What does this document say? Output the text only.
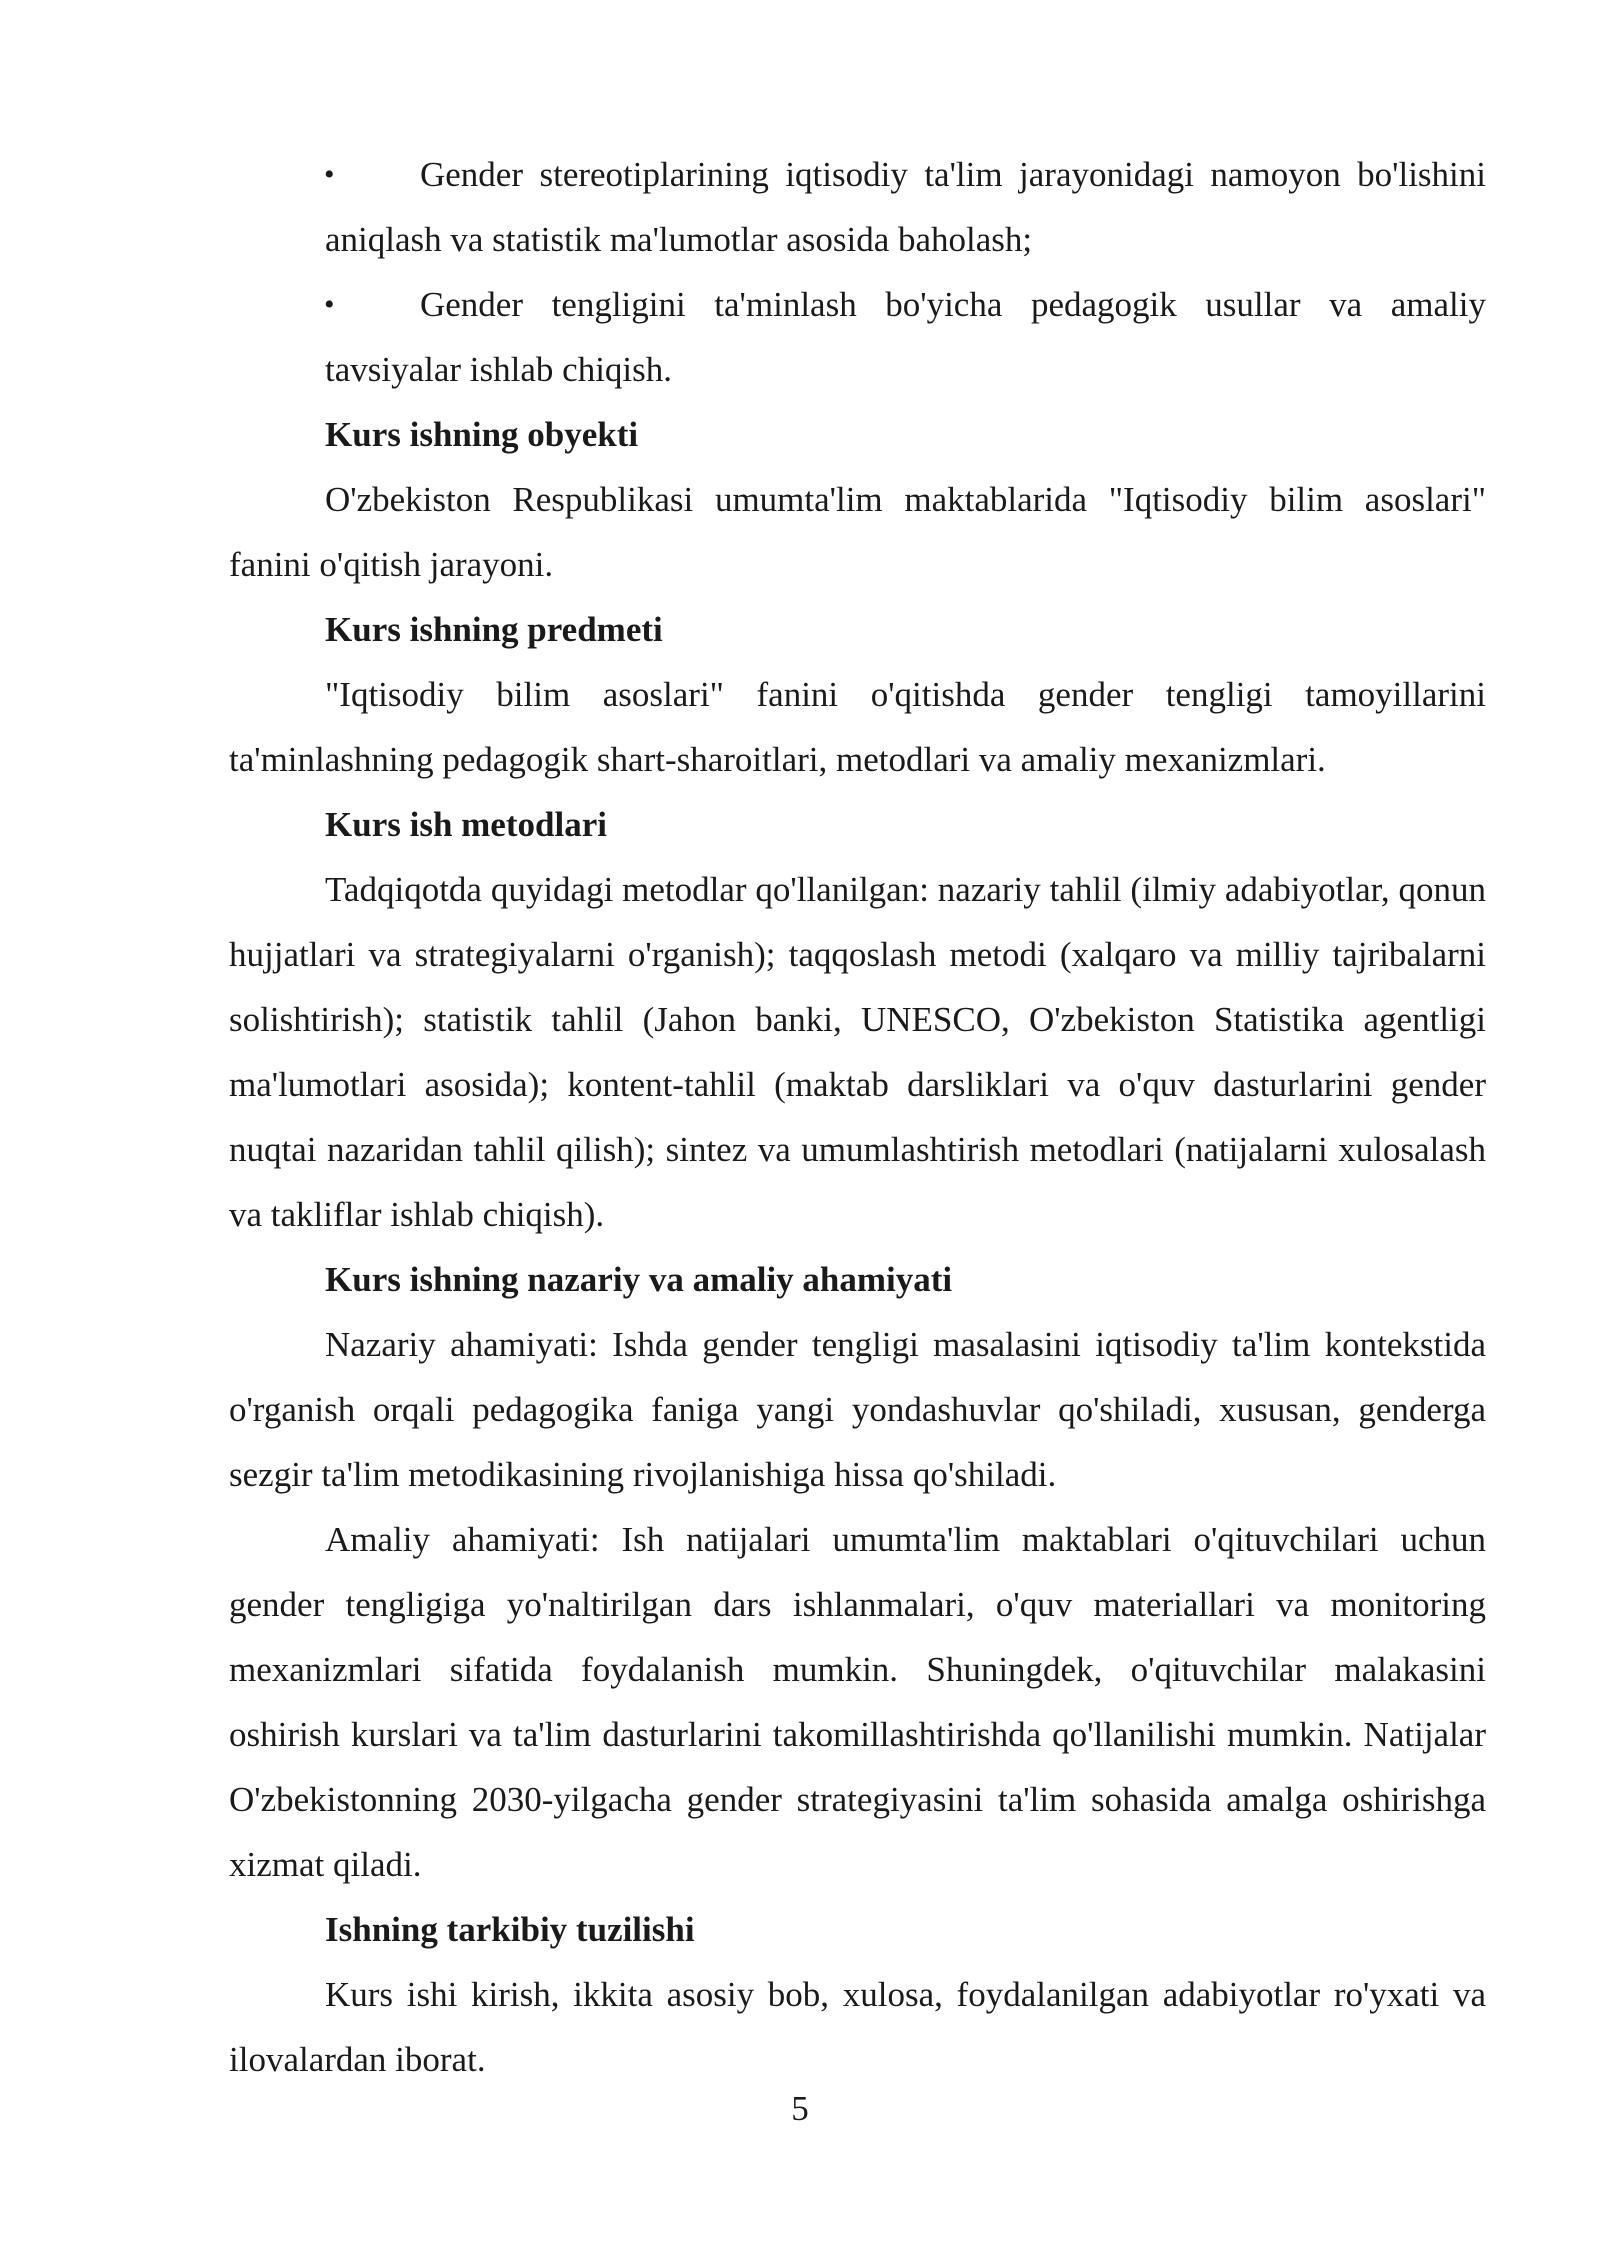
• Gender stereotiplarining iqtisodiy ta'lim jarayonidagi namoyon bo'lishini aniqlash va statistik ma'lumotlar asosida baholash;
• Gender tengligini ta'minlash bo'yicha pedagogik usullar va amaliy tavsiyalar ishlab chiqish.
Kurs ishning obyekti
O'zbekiston Respublikasi umumta'lim maktablarida "Iqtisodiy bilim asoslari" fanini o'qitish jarayoni.
Kurs ishning predmeti
"Iqtisodiy bilim asoslari" fanini o'qitishda gender tengligi tamoyillarini ta'minlashning pedagogik shart-sharoitlari, metodlari va amaliy mexanizmlari.
Kurs ish metodlari
Tadqiqotda quyidagi metodlar qo'llanilgan: nazariy tahlil (ilmiy adabiyotlar, qonun hujjatlari va strategiyalarni o'rganish); taqqoslash metodi (xalqaro va milliy tajribalarni solishtirish); statistik tahlil (Jahon banki, UNESCO, O'zbekiston Statistika agentligi ma'lumotlari asosida); kontent-tahlil (maktab darsliklari va o'quv dasturlarini gender nuqtai nazaridan tahlil qilish); sintez va umumlashtirish metodlari (natijalarni xulosalash va takliflar ishlab chiqish).
Kurs ishning nazariy va amaliy ahamiyati
Nazariy ahamiyati: Ishda gender tengligi masalasini iqtisodiy ta'lim kontekstida o'rganish orqali pedagogika faniga yangi yondashuvlar qo'shiladi, xususan, genderga sezgir ta'lim metodikasining rivojlanishiga hissa qo'shiladi.
Amaliy ahamiyati: Ish natijalari umumta'lim maktablari o'qituvchilari uchun gender tengligiga yo'naltirilgan dars ishlanmalari, o'quv materiallari va monitoring mexanizmlari sifatida foydalanish mumkin. Shuningdek, o'qituvchilar malakasini oshirish kurslari va ta'lim dasturlarini takomillashtirishda qo'llanilishi mumkin. Natijalar O'zbekistonning 2030-yilgacha gender strategiyasini ta'lim sohasida amalga oshirishga xizmat qiladi.
Ishning tarkibiy tuzilishi
Kurs ishi kirish, ikkita asosiy bob, xulosa, foydalanilgan adabiyotlar ro'yxati va ilovalardan iborat.
5
